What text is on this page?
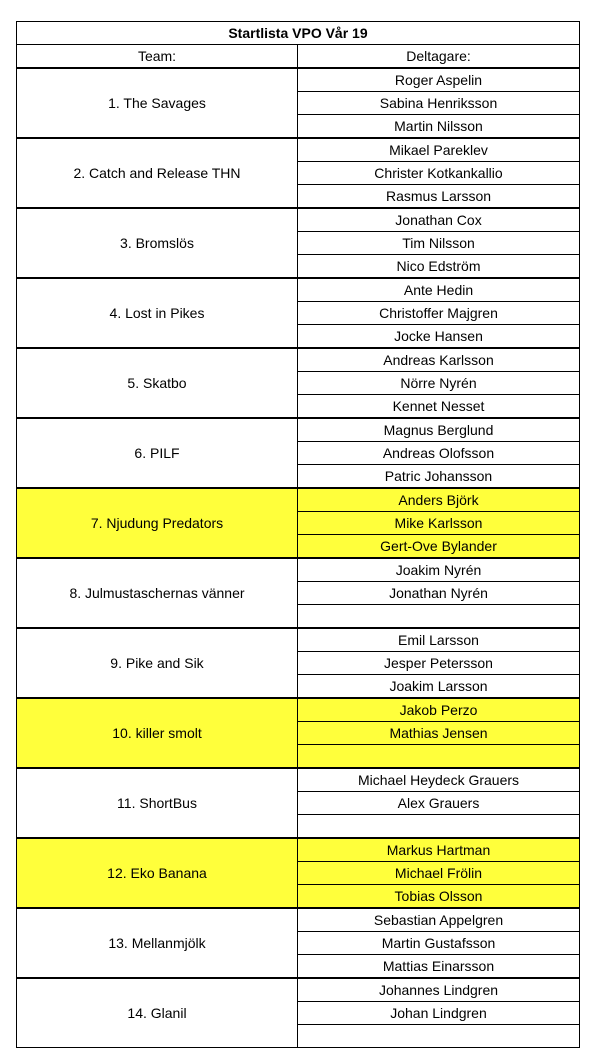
Startlista VPO Vår 19	
Team:	Deltagare:
1. The Savages	Roger Aspelin
	Sabina Henriksson
	Martin Nilsson
2. Catch and Release THN	Mikael Pareklev
	Christer Kotkankallio
	Rasmus Larsson
3. Bromslös	Jonathan Cox
	Tim Nilsson
	Nico Edström
4. Lost in Pikes	Ante Hedin
	Christoffer Majgren
	Jocke Hansen
5. Skatbo	Andreas Karlsson
	Nörre Nyrén
	Kennet Nesset
6. PILF	Magnus Berglund
	Andreas Olofsson
	Patric Johansson
7. Njudung Predators	Anders Björk
	Mike Karlsson
	Gert-Ove Bylander
8. Julmustaschernas vänner	Joakim Nyrén
	Jonathan Nyrén

9. Pike and Sik	Emil Larsson
	Jesper Petersson
	Joakim Larsson
10. killer smolt	Jakob Perzo
	Mathias Jensen

11. ShortBus	Michael Heydeck Grauers
	Alex Grauers

12. Eko Banana	Markus Hartman
	Michael Frölin
	Tobias Olsson
13. Mellanmjölk	Sebastian Appelgren
	Martin Gustafsson
	Mattias Einarsson
14. Glanil	Johannes Lindgren
	Johan Lindgren
